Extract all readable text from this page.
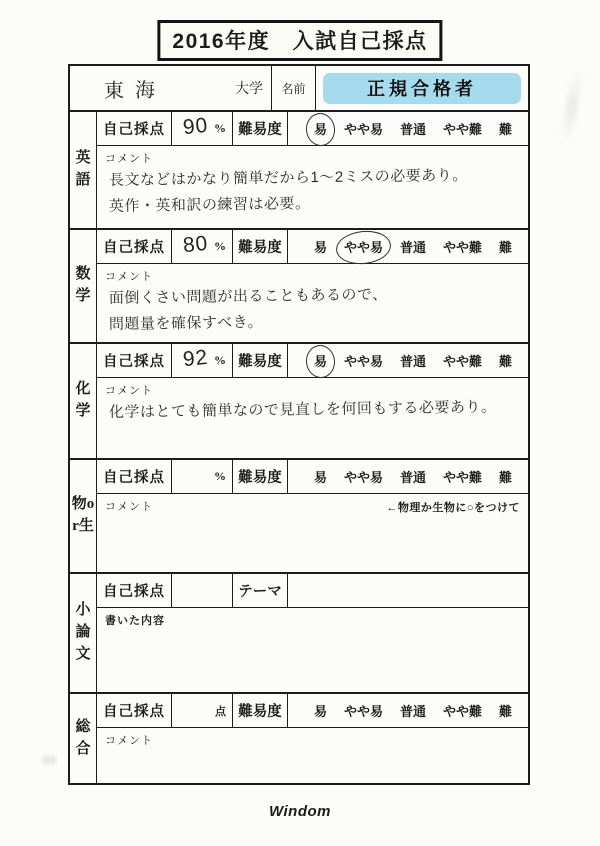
2016年度　入試自己採点
東海	大学	名前	正規合格者
英語
自己採点 90 % 難易度	易 やや易 普通 やや難 難
コメント
長文などはかなり簡単だから1〜2ミスの必要あり。
英作・英和訳の練習は必要。
数学
自己採点 80 % 難易度	易 やや易 普通 やや難 難
コメント
面倒くさい問題が出ることもあるので、
問題量を確保すべき。
化学
自己採点 92 % 難易度	易 やや易 普通 やや難 難
コメント
化学はとても簡単なので見直しを何回もする必要あり。
物or生
自己採点	% 難易度	易 やや易 普通 やや難 難
コメント	←物理か生物に○をつけて
小論文
自己採点	テーマ
書いた内容
総合
自己採点	点 難易度	易 やや易 普通 やや難 難
コメント
Windom
